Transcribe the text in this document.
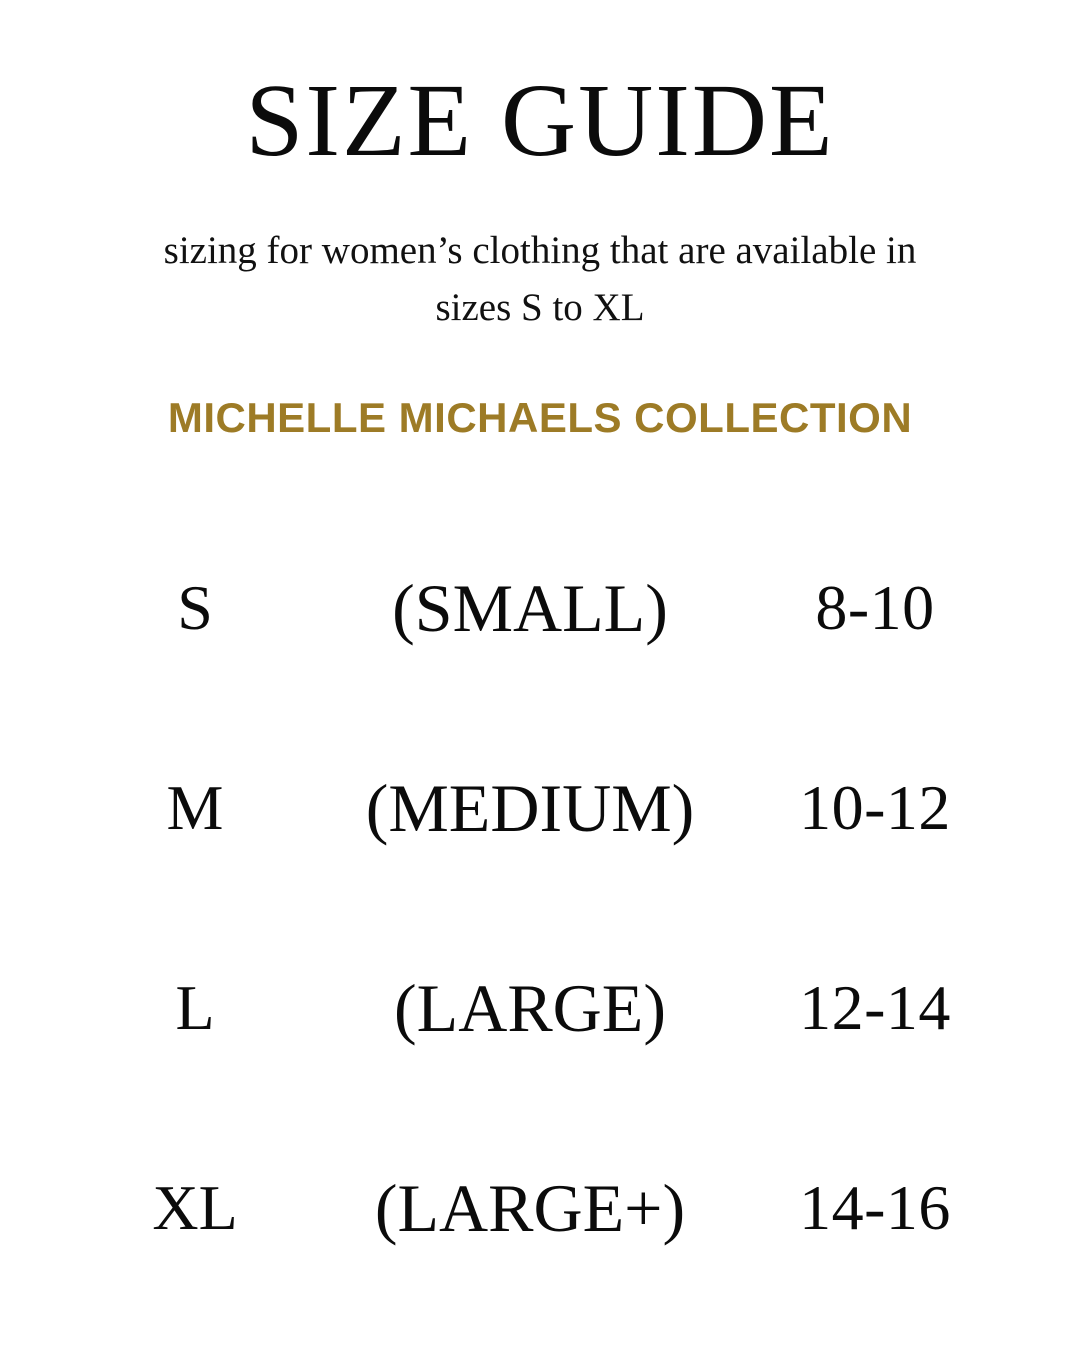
SIZE GUIDE

sizing for women’s clothing that are available in sizes S to XL

MICHELLE MICHAELS COLLECTION
S	(SMALL)	8-10
M	(MEDIUM)	10-12
L	(LARGE)	12-14
XL	(LARGE+)	14-16
